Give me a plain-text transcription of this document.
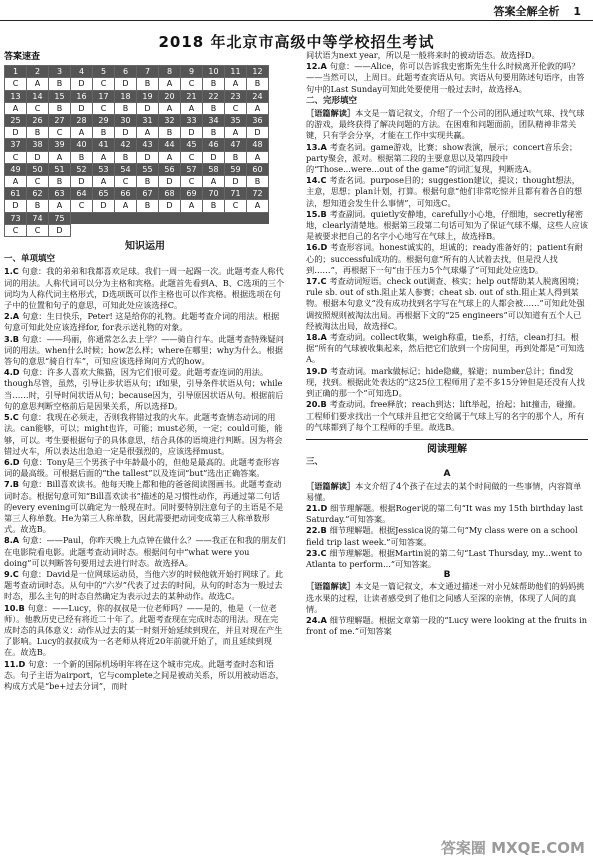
答案全解全析 1
2018 年北京市高级中等学校招生考试
答案速查
1	2	3	4	5	6	7	8	9	10	11	12
C	A	B	D	C	D	B	A	C	B	A	B
13	14	15	16	17	18	19	20	21	22	23	24
A	C	B	D	C	B	D	A	A	B	C	A
25	26	27	28	29	30	31	32	33	34	35	36
D	B	C	A	B	D	A	B	D	B	A	D
37	38	39	40	41	42	43	44	45	46	47	48
C	D	A	B	A	B	D	A	C	D	B	A
49	50	51	52	53	54	55	56	57	58	59	60
A	C	B	D	A	C	B	D	C	A	D	B
61	62	63	64	65	66	67	68	69	70	71	72
D	B	A	C	D	A	B	D	A	B	C	A
73	74	75									
C	C	D									
知识运用
一、单项填空

1.C 句意：我的弟弟和我都喜欢足球。我们一周一起踢一次。此题考查人称代词的用法。人称代词可以分为主格和宾格。此题首先看到A、B、C选项的三个词均为人称代词主格形式，D选项既可以作主格也可以作宾格。根据选项在句子中的位置和句子的意思，可知此处应该选择C。

2.A 句意：生日快乐，Peter! 这是给你的礼物。此题考查介词的用法。根据句意可知此处应该选择for, for表示送礼物的对象。

3.B 句意：——玛丽，你通常怎么去上学？——骑自行车。此题考查特殊疑问词的用法。when什么时候；how怎么样；where在哪里；why为什么。根据答句的意思“骑自行车”，可知应该选择询问方式的how。

4.D 句意：许多人喜欢大熊猫，因为它们很可爱。此题考查连词的用法。though尽管，虽然，引导让步状语从句；if如果，引导条件状语从句；while当……时，引导时间状语从句；because因为，引导原因状语从句。根据前后句的意思判断空格前后是因果关系，所以选择D。

5.C 句意：我现在必须走，否则我将错过我的火车。此题考查情态动词的用法。can能够，可以；might也许，可能；must必须，一定；could可能，能够，可以。考生要根据句子的具体意思，结合具体的语境进行判断。因为将会错过火车，所以表达出急迫一定是很强烈的，应该选择must。

6.D 句意：Tony是三个男孩子中年龄最小的，但他是最高的。此题考查形容词的最高级。可根据后面的“the tallest”以及连词“but”选出正确答案。

7.B 句意：Bill喜欢读书。他每天晚上都和他的爸爸阅读图画书。此题考查动词时态。根据句意可知“Bill喜欢读书”描述的是习惯性动作，再通过第二句话的every evening可以确定为一般现在时。同时要特别注意句子的主语是不是第三人称单数。He为第三人称单数，因此需要把动词变成第三人称单数形式。故选B。

8.A 句意：——Paul，你昨天晚上九点钟在做什么？——我正在和我的朋友们在电影院看电影。此题考查动词时态。根据问句中“what were you doing”可以判断答句要用过去进行时态。故选择A。

9.C 句意：David是一位网球运动员，当他六岁的时候他就开始打网球了。此题考查动词时态。从句中的“六岁”代表了过去的时间，从句的时态为一般过去时态，那么主句的时态自然确定为表示过去的某种动作。故选C。

10.B 句意：——Lucy，你的叔叔是一位老师吗？——是的，他是（一位老师）。他教历史已经有将近二十年了。此题考查现在完成时态的用法。现在完成时态的具体意义：动作从过去的某一时刻开始延续到现在，并且对现在产生了影响。Lucy的叔叔成为一名老师从将近20年前就开始了，而且延续到现在。故选B。

11.D 句意：一个新的国际机场明年将在这个城市完成。此题考查时态和语态。句子主语为airport，它与complete之间是被动关系，所以用被动语态，构成方式是“be+过去分词”，而时

间状语为next year，所以是一般将来时的被动语态。故选择D。

12.A 句意：——Alice，你可以告诉我史密斯先生什么时候离开伦敦的吗？——当然可以，上周日。此题考查宾语从句。宾语从句要用陈述句语序，由答句中的Last Sunday可知此处要使用一般过去时，故选择A。

二、完形填空

［语篇解读］本文是一篇记叙文，介绍了一个公司的团队通过吹气球、找气球的游戏，最终获得了解决问题的方法。在困难和问题面前，团队精神非常关键，只有学会分享，才能在工作中实现共赢。

13.A 考查名词。game游戏，比赛；show表演，展示；concert音乐会；party聚会，派对。根据第二段的主要意思以及第四段中的“Those...were...out of the game”的词汇复现，判断选A。

14.C 考查名词。purpose目的；suggestion建议，提议；thought想法，主意，思想；plan计划，打算。根据句意“他们非常吃惊并且都有着各自的想法，想知道会发生什么事情”，可知选C。

15.B 考查副词。quietly安静地，carefully小心地，仔细地，secretly秘密地，clearly清楚地。根据第三段第二句话可知为了保证气球不爆，这些人应该是被要求把自己的名字小心地写在气球上，故选择B。

16.D 考查形容词。honest诚实的，坦诚的；ready准备好的；patient有耐心的；successful成功的。根据句意“所有的人试着去找，但是没人找到……”，再根据下一句“由于压力5个气球爆了”可知此处应选D。

17.C 考查动词短语。check out调查、核实；help out帮助某人脱离困境；rule sb. out of sth.阻止某人参赛；cheat sb. out of sth.阻止某人得到某物。根据本句意义“没有成功找到名字写在气球上的人都会被……”可知此处强调按照规则被淘汰出局。再根据下文的“25 engineers”可以知道有五个人已经被淘汰出局，故选择C。

18.A 考查动词。collect收集，weigh称重，tie系，打结，clean打扫。根据“所有的气球被收集起来，然后把它们放到一个房间里，再到处都是”可知选A。

19.D 考查动词。mark做标记；hide隐藏，躲避；number总计；find发现，找到。根据此处表达的“这25位工程师用了差不多15分钟但是还没有人找到正确的那一个”可知选D。

20.B 考查动词。free释放；reach到达；lift举起，抬起；hit撞击，碰撞。工程师们要求找出一个气球并且把它交给属于气球上写的名字的那个人，所有的气球都到了每个工程师的手里。故选B。

阅读理解
三、
A

［语篇解读］本文介绍了4个孩子在过去的某个时间做的一些事情，内容简单易懂。

21.D 细节理解题。根据Roger说的第二句“It was my 15th birthday last Saturday.”可知答案。

22.B 细节理解题。根据Jessica说的第二句“My class were on a school field trip last week.”可知答案。

23.C 细节理解题。根据Martin说的第二句“Last Thursday, my...went to Atlanta to perform...”可知答案。

B

［语篇解读］本文是一篇记叙文，本文通过描述一对小兄妹帮助他们的妈妈挑选水果的过程，让读者感受到了他们之间感人至深的亲情，体现了人间的真情。

24.A 细节理解题。根据文章第一段的“Lucy were looking at the fruits in front of me.”可知答案

答案圈 MXQE.COM
